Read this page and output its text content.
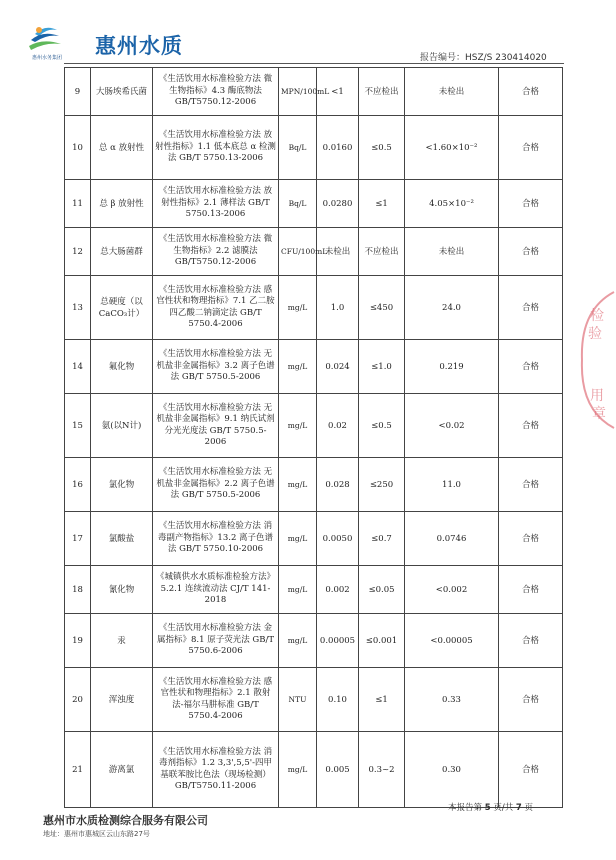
惠州水务集团	惠州水质	报告编号：HSZ/S 230414020
9	大肠埃希氏菌	《生活饮用水标准检验方法 微生物指标》4.3 酶底物法 GB/T5750.12-2006	MPN/100mL	<1	不应检出	未检出	合格
10	总 α 放射性	《生活饮用水标准检验方法 放射性指标》1.1 低本底总 α 检测法 GB/T 5750.13-2006	Bq/L	0.0160	≤0.5	<1.60×10⁻²	合格
11	总 β 放射性	《生活饮用水标准检验方法 放射性指标》2.1 薄样法 GB/T 5750.13-2006	Bq/L	0.0280	≤1	4.05×10⁻²	合格
12	总大肠菌群	《生活饮用水标准检验方法 微生物指标》2.2 滤膜法 GB/T5750.12-2006	CFU/100mL	未检出	不应检出	未检出	合格
13	总硬度（以 CaCO₃计）	《生活饮用水标准检验方法 感官性状和物理指标》7.1 乙二胺四乙酸二钠滴定法 GB/T 5750.4-2006	mg/L	1.0	≤450	24.0	合格
14	氟化物	《生活饮用水标准检验方法 无机盐非金属指标》3.2 离子色谱法 GB/T 5750.5-2006	mg/L	0.024	≤1.0	0.219	合格
15	氨(以N计)	《生活饮用水标准检验方法 无机盐非金属指标》9.1 纳氏试剂分光光度法 GB/T 5750.5-2006	mg/L	0.02	≤0.5	<0.02	合格
16	氯化物	《生活饮用水标准检验方法 无机盐非金属指标》2.2 离子色谱法 GB/T 5750.5-2006	mg/L	0.028	≤250	11.0	合格
17	氯酸盐	《生活饮用水标准检验方法 消毒副产物指标》13.2 离子色谱法 GB/T 5750.10-2006	mg/L	0.0050	≤0.7	0.0746	合格
18	氰化物	《城镇供水水质标准检验方法》 5.2.1 连续流动法 CJ/T 141-2018	mg/L	0.002	≤0.05	<0.002	合格
19	汞	《生活饮用水标准检验方法 金属指标》8.1 原子荧光法 GB/T 5750.6-2006	mg/L	0.00005	≤0.001	<0.00005	合格
20	浑浊度	《生活饮用水标准检验方法 感官性状和物理指标》2.1 散射法-福尔马肼标准 GB/T 5750.4-2006	NTU	0.10	≤1	0.33	合格
21	游离氯	《生活饮用水标准检验方法 消毒剂指标》1.2 3,3',5,5'-四甲基联苯胺比色法（现场检测） GB/T5750.11-2006	mg/L	0.005	0.3~2	0.30	合格
本报告第 5 页/共 7 页
惠州市水质检测综合服务有限公司
地址：惠州市惠城区云山东路27号
检
验
用
章
